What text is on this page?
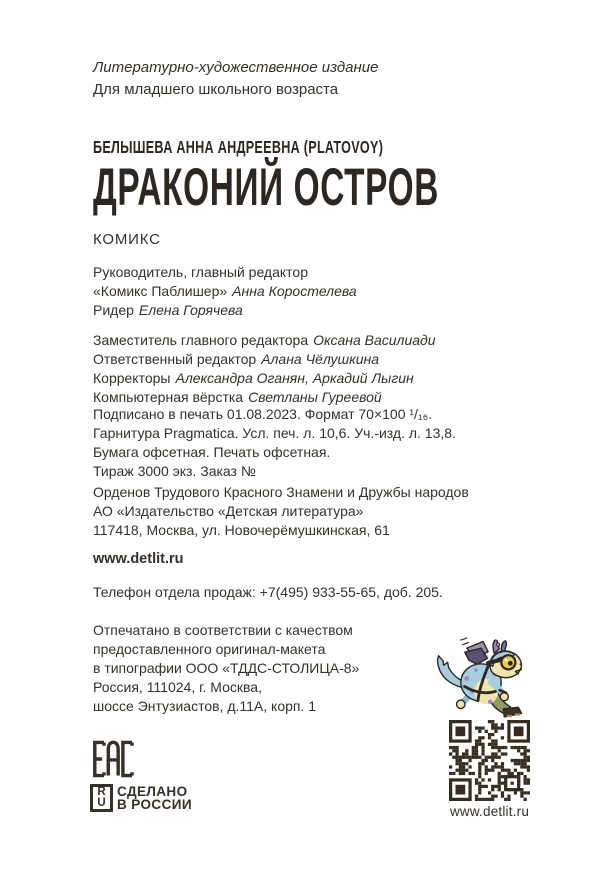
Литературно-художественное издание
Для младшего школьного возраста
БЕЛЫШЕВА АННА АНДРЕЕВНА (PLATOVOY)
ДРАКОНИЙ ОСТРОВ
КОМИКС
Руководитель, главный редактор
«Комикс Паблишер» Анна Коростелева
Ридер Елена Горячева
Заместитель главного редактора Оксана Василиади
Ответственный редактор Алана Чёлушкина
Корректоры Александра Оганян, Аркадий Лыгин
Компьютерная вёрстка Светланы Гуреевой
Подписано в печать 01.08.2023. Формат 70×100 ¹/₁₆.
Гарнитура Pragmatica. Усл. печ. л. 10,6. Уч.-изд. л. 13,8.
Бумага офсетная. Печать офсетная.
Тираж 3000 экз. Заказ №
Орденов Трудового Красного Знамени и Дружбы народов
АО «Издательство «Детская литература»
117418, Москва, ул. Новочерёмушкинская, 61
www.detlit.ru
Телефон отдела продаж: +7(495) 933-55-65, доб. 205.
Отпечатано в соответствии с качеством
предоставленного оригинал-макета
в типографии ООО «ТДДС-СТОЛИЦА-8»
Россия, 111024, г. Москва,
шоссе Энтузиастов, д.11А, корп. 1
R
U
СДЕЛАНО
В РОССИИ	www.detlit.ru
